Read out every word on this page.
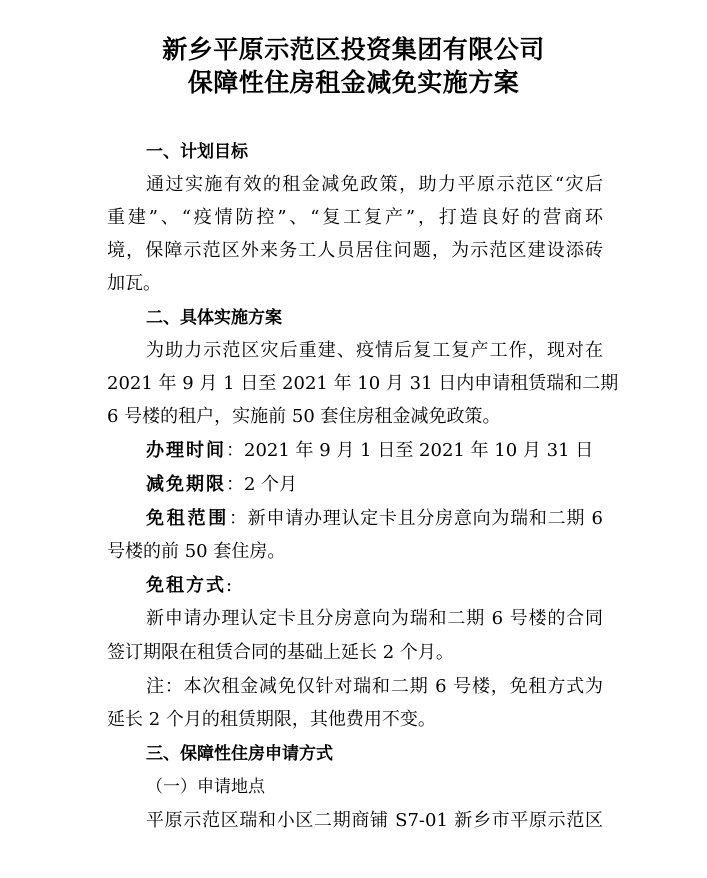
新乡平原示范区投资集团有限公司
保障性住房租金减免实施方案
一、计划目标
通过实施有效的租金减免政策，助力平原示范区“灾后
重建”、“疫情防控”、“复工复产”，打造良好的营商环
境，保障示范区外来务工人员居住问题，为示范区建设添砖
加瓦。
二、具体实施方案
为助力示范区灾后重建、疫情后复工复产工作，现对在
2021 年 9 月 1 日至 2021 年 10 月 31 日内申请租赁瑞和二期
6 号楼的租户，实施前 50 套住房租金减免政策。
办理时间：2021 年 9 月 1 日至 2021 年 10 月 31 日
减免期限：2 个月
免租范围：新申请办理认定卡且分房意向为瑞和二期 6
号楼的前 50 套住房。
免租方式:
新申请办理认定卡且分房意向为瑞和二期 6 号楼的合同
签订期限在租赁合同的基础上延长 2 个月。
注：本次租金减免仅针对瑞和二期 6 号楼，免租方式为
延长 2 个月的租赁期限，其他费用不变。
三、保障性住房申请方式
（一）申请地点
平原示范区瑞和小区二期商铺 S7-01 新乡市平原示范区
